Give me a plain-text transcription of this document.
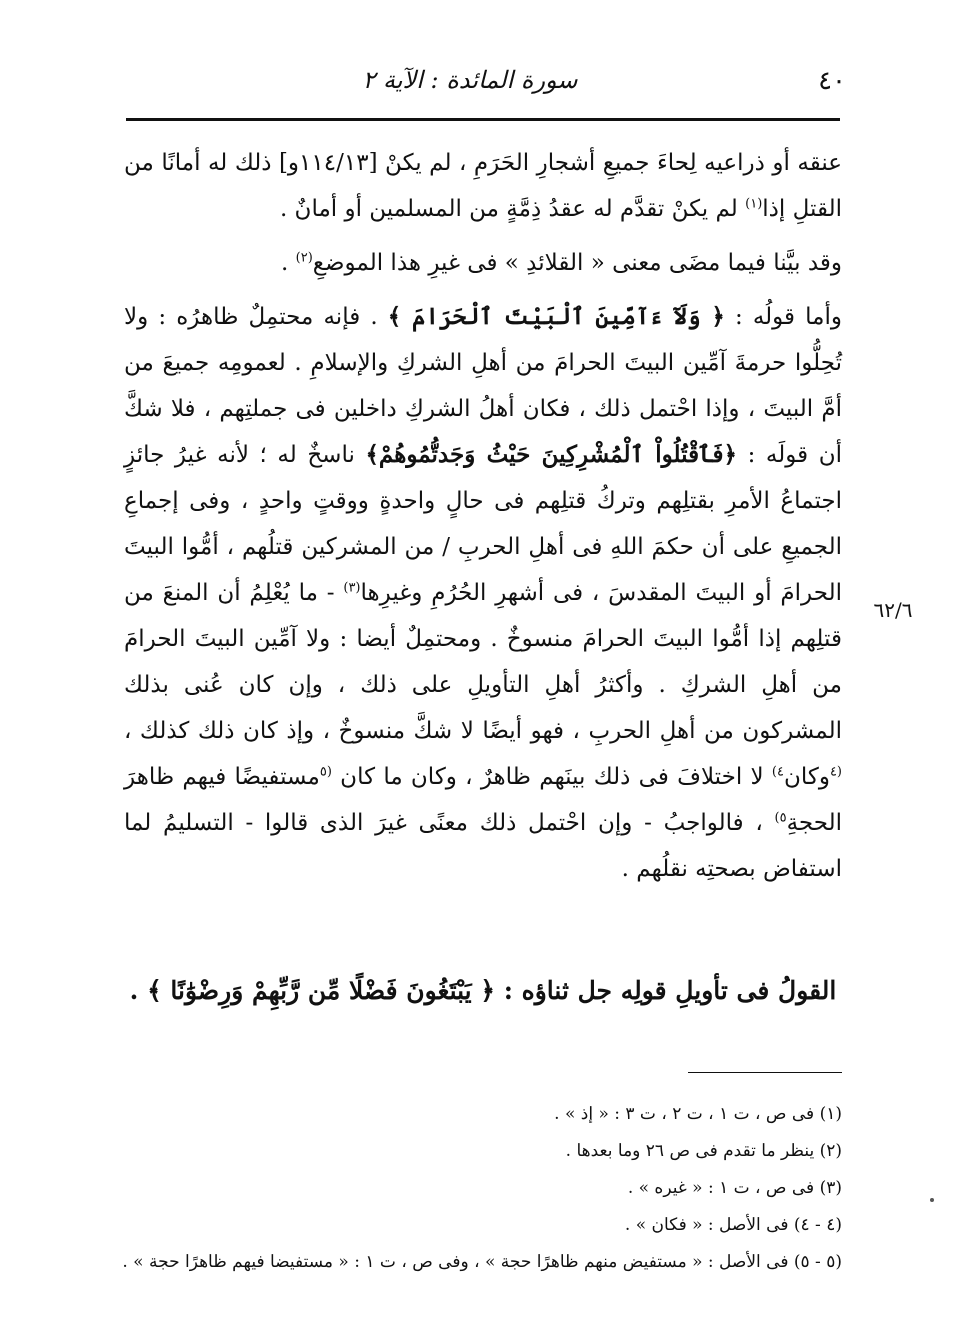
٤٠
سورة المائدة : الآية ٢

عنقه أو ذراعيه لِحاءَ جميعِ أشجارِ الحَرَمِ ، لم يكنْ [١١٤/١٣و] ذلك له أمانًا من القتلِ إذا$^{(١)}$ لم يكنْ تقدَّم له عقدُ ذِمَّةٍ من المسلمين أو أمانٌ .

وقد بيَّنا فيما مضَى معنى « القلائدِ » فى غيرِ هذا الموضعِ$^{(٢)}$ .

وأما قولُه : ﴿ وَلَآ ءَآمِّينَ ٱلْبَيْتَ ٱلْحَرَامَ ﴾ . فإنه محتمِلٌ ظاهرُه : ولا تُحِلُّوا حرمةَ آمِّين البيتَ الحرامَ من أهلِ الشركِ والإسلامِ . لعمومِه جميعَ من أمَّ البيتَ ، وإذا احْتمل ذلك ، فكان أهلُ الشركِ داخلين فى جملتِهم ، فلا شكَّ أن قولَه : ﴿فَٱقْتُلُواْ ٱلْمُشْرِكِينَ حَيْثُ وَجَدتُّمُوهُمْ﴾ ناسخٌ له ؛ لأنه غيرُ جائزٍ اجتماعُ الأمرِ بقتلِهم وتركُ قتلِهم فى حالٍ واحدةٍ ووقتٍ واحدٍ ، وفى إجماعِ الجميعِ على أن حكمَ اللهِ فى أهلِ الحربِ / من المشركين قتلُهم ، أمُّوا البيتَ الحرامَ أو البيتَ المقدسَ ، فى أشهرِ الحُرُمِ وغيرِها$^{(٣)}$ - ما يُعْلِمُ أن المنعَ من قتلِهم إذا أمُّوا البيتَ الحرامَ منسوخٌ . ومحتمِلٌ أيضا : ولا آمِّين البيتَ الحرامَ من أهلِ الشركِ . وأكثرُ أهلِ التأويلِ على ذلك ، وإن كان عُنى بذلك المشركون من أهلِ الحربِ ، فهو أيضًا لا شكَّ منسوخٌ ، وإذ كان ذلك كذلك ، $^{(٤}$وكان$^{٤)}$ لا اختلافَ فى ذلك بينَهم ظاهرٌ ، وكان ما كان $^{(٥}$مستفيضًا فيهم ظاهرَ الحجةِ$^{٥)}$ ، فالواجبُ - وإن احْتمل ذلك معنًى غيرَ الذى قالوا - التسليمُ لما استفاض بصحتِه نقلُهم .

٦٢/٦
القولُ فى تأويلِ قولِه جل ثناؤه : ﴿ يَبْتَغُونَ فَضْلًا مِّن رَّبِّهِمْ وَرِضْوَٰنًا ﴾ .
(١) فى ص ، ت ١ ، ت ٢ ، ت ٣ : « إذ » .
(٢) ينظر ما تقدم فى ص ٢٦ وما بعدها .
(٣) فى ص ، ت ١ : « غيره » .
(٤ - ٤) فى الأصل : « فكان » .
(٥ - ٥) فى الأصل : « مستفيض منهم ظاهرًا حجة » ، وفى ص ، ت ١ : « مستفيضا فيهم ظاهرًا حجة » .
